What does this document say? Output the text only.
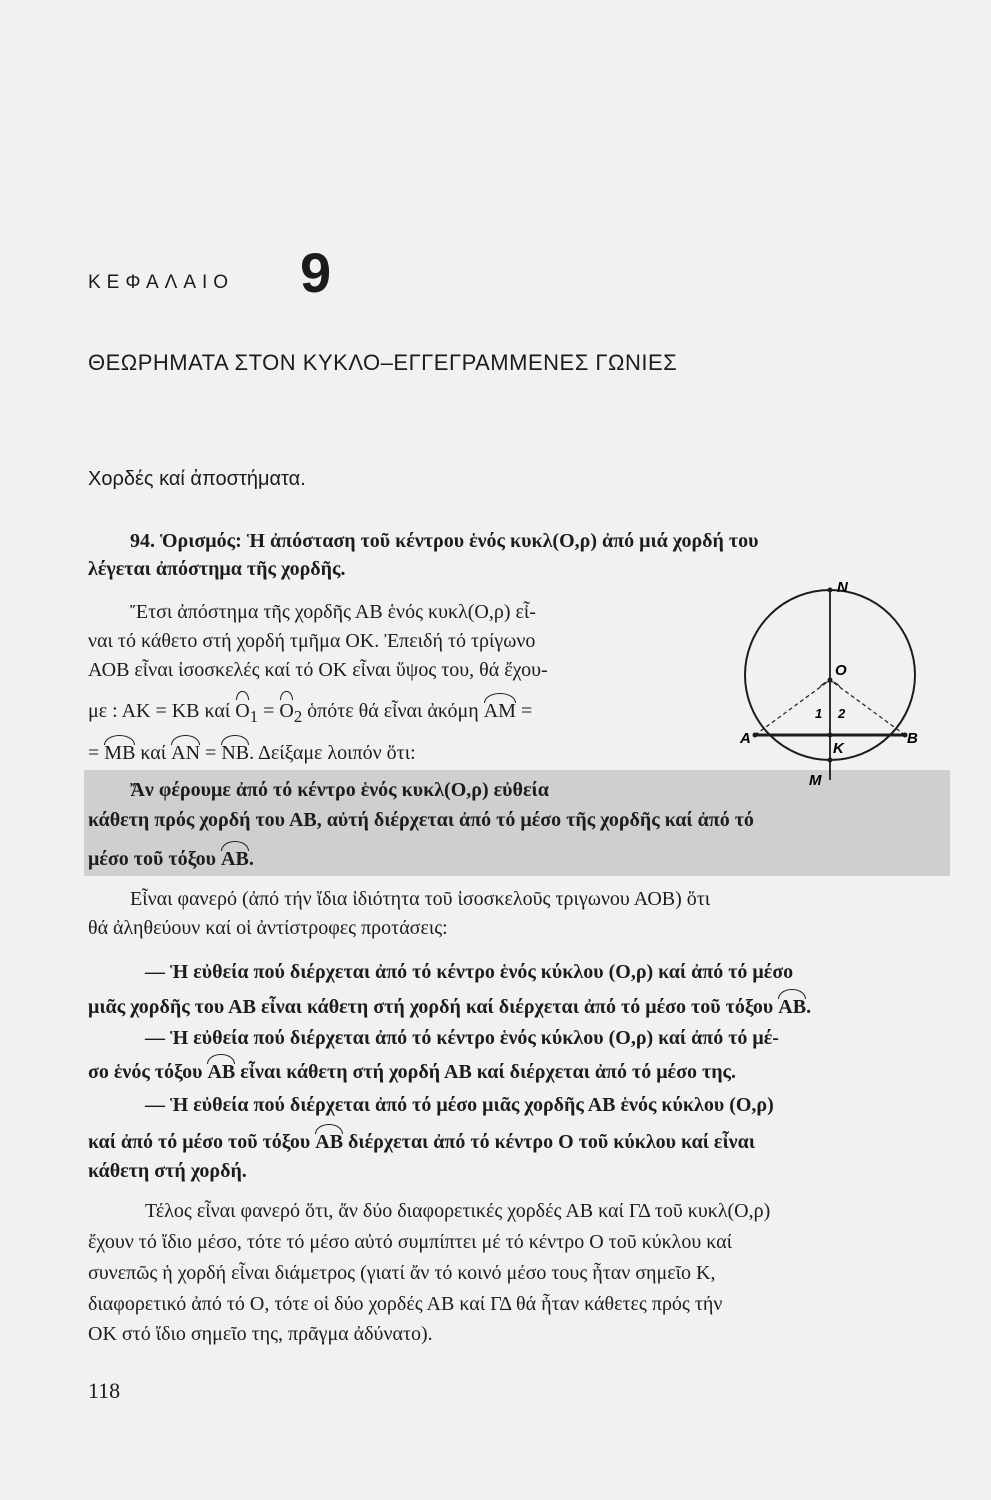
ΚΕΦΑΛΑΙΟ 9
ΘΕΩΡΗΜΑΤΑ ΣΤΟΝ ΚΥΚΛΟ–ΕΓΓΕΓΡΑΜΜΕΝΕΣ ΓΩΝΙΕΣ
Χορδές καί ἀποστήματα.
94. Ὁρισμός: Ἡ ἀπόσταση τοῦ κέντρου ἑνός κυκλ(Ο,ρ) ἀπό μιά χορδή του
λέγεται ἀπόστημα τῆς χορδῆς.
Ἔτσι ἀπόστημα τῆς χορδῆς ΑΒ ἑνός κυκλ(Ο,ρ) εἶ-
ναι τό κάθετο στή χορδή τμῆμα ΟΚ. Ἐπειδή τό τρίγωνο
ΑΟΒ εἶναι ἰσοσκελές καί τό ΟΚ εἶναι ὕψος του, θά ἔχου-
με : ΑΚ = ΚΒ καί $O_1 = O_2$ ὁπότε θά εἶναι ἀκόμη ΑΜ =
= ΜΒ καί ΑΝ = ΝΒ. Δείξαμε λοιπόν ὅτι:
Ἄν φέρουμε ἀπό τό κέντρο ἑνός κυκλ(Ο,ρ) εὐθεία
κάθετη πρός χορδή του ΑΒ, αὐτή διέρχεται ἀπό τό μέσο τῆς χορδῆς καί ἀπό τό
μέσο τοῦ τόξου ΑΒ.
N
O
A	B
K
M
1 2
Εἶναι φανερό (ἀπό τήν ἴδια ἰδιότητα τοῦ ἰσοσκελοῦς τριγωνου ΑΟΒ) ὅτι
θά ἀληθεύουν καί οἱ ἀντίστροφες προτάσεις:
— Ἡ εὐθεία πού διέρχεται ἀπό τό κέντρο ἑνός κύκλου (Ο,ρ) καί ἀπό τό μέσο
μιᾶς χορδῆς του ΑΒ εἶναι κάθετη στή χορδή καί διέρχεται ἀπό τό μέσο τοῦ τόξου ΑΒ.
— Ἡ εὐθεία πού διέρχεται ἀπό τό κέντρο ἑνός κύκλου (Ο,ρ) καί ἀπό τό μέ-
σο ἑνός τόξου ΑΒ εἶναι κάθετη στή χορδή ΑΒ καί διέρχεται ἀπό τό μέσο της.
— Ἡ εὐθεία πού διέρχεται ἀπό τό μέσο μιᾶς χορδῆς ΑΒ ἑνός κύκλου (Ο,ρ)
καί ἀπό τό μέσο τοῦ τόξου ΑΒ διέρχεται ἀπό τό κέντρο Ο τοῦ κύκλου καί εἶναι
κάθετη στή χορδή.
Τέλος εἶναι φανερό ὅτι, ἄν δύο διαφορετικές χορδές ΑΒ καί ΓΔ τοῦ κυκλ(Ο,ρ)
ἔχουν τό ἴδιο μέσο, τότε τό μέσο αὐτό συμπίπτει μέ τό κέντρο Ο τοῦ κύκλου καί
συνεπῶς ἡ χορδή εἶναι διάμετρος (γιατί ἄν τό κοινό μέσο τους ἦταν σημεῖο Κ,
διαφορετικό ἀπό τό Ο, τότε οἱ δύο χορδές ΑΒ καί ΓΔ θά ἦταν κάθετες πρός τήν
ΟΚ στό ἴδιο σημεῖο της, πρᾶγμα ἀδύνατο).
118
